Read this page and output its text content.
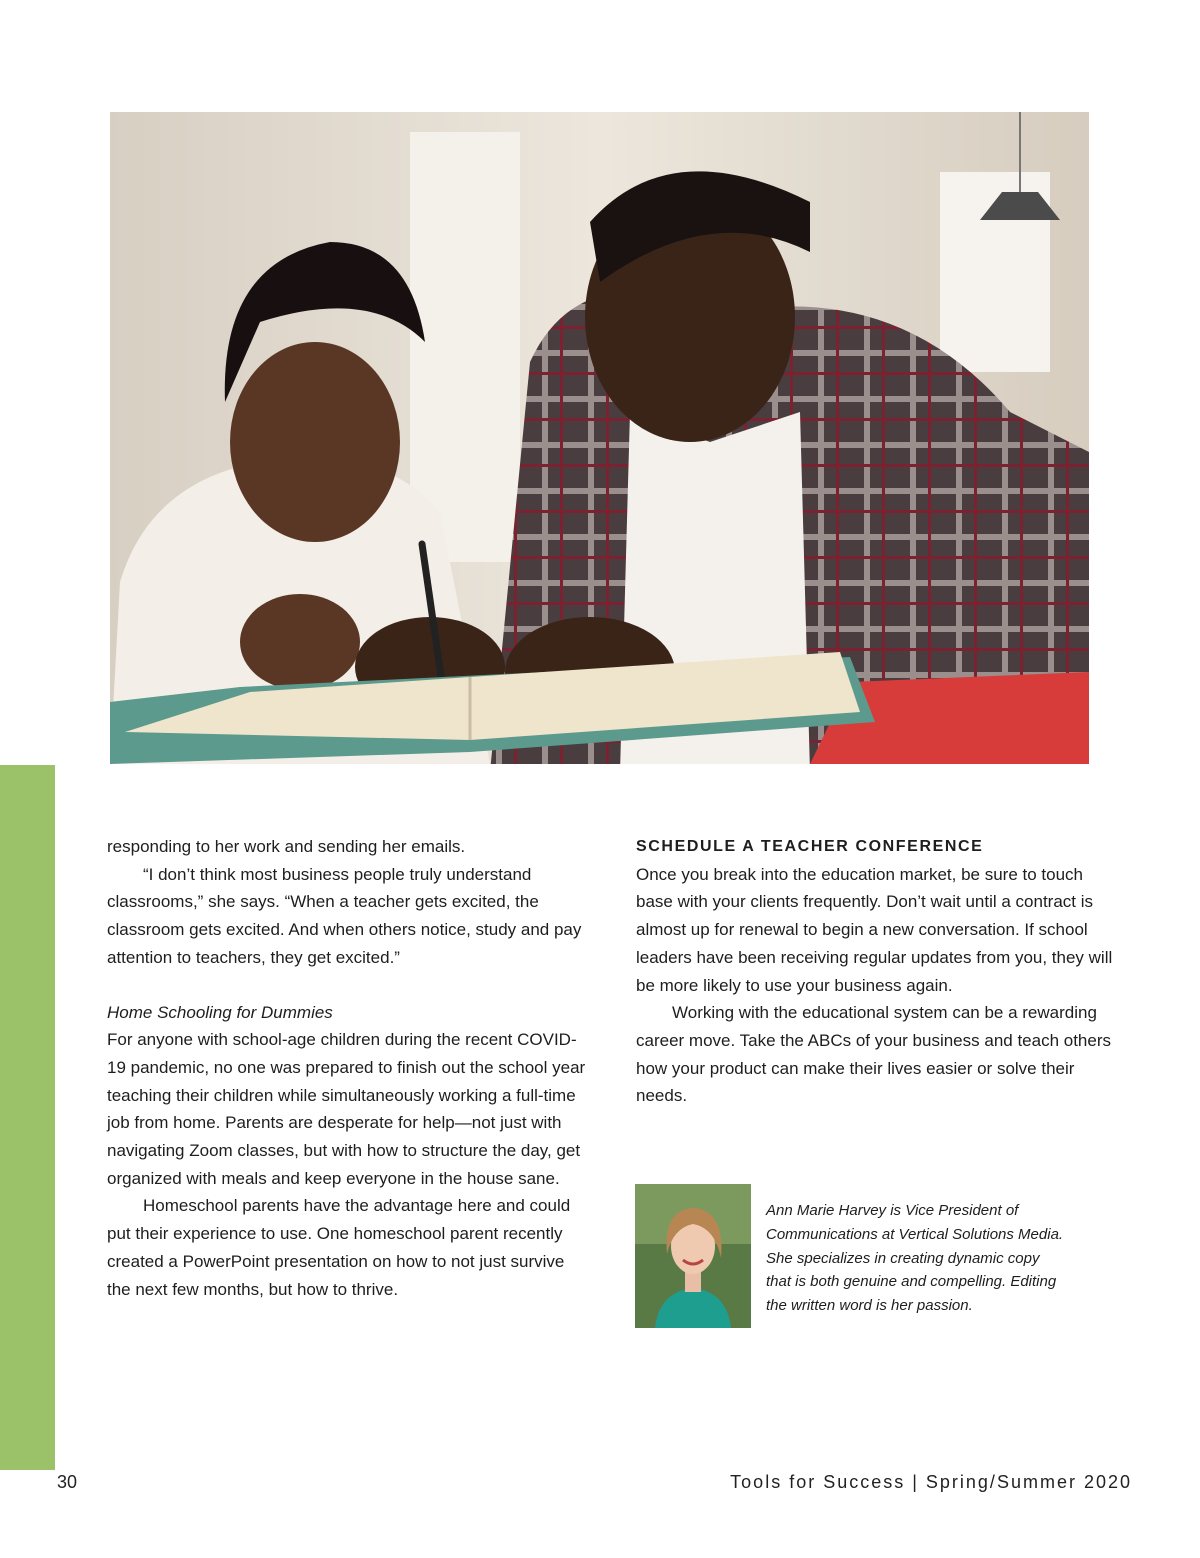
responding to her work and sending her emails.

“I don’t think most business people truly understand classrooms,” she says. “When a teacher gets excited, the classroom gets excited. And when others notice, study and pay attention to teachers, they get excited.”

Home Schooling for Dummies

For anyone with school-age children during the recent COVID-19 pandemic, no one was prepared to finish out the school year teaching their children while simultaneously working a full-time job from home. Parents are desperate for help—not just with navigating Zoom classes, but with how to structure the day, get organized with meals and keep everyone in the house sane.

Homeschool parents have the advantage here and could put their experience to use. One homeschool parent recently created a PowerPoint presentation on how to not just survive the next few months, but how to thrive.

SCHEDULE A TEACHER CONFERENCE

Once you break into the education market, be sure to touch base with your clients frequently. Don’t wait until a contract is almost up for renewal to begin a new conversation. If school leaders have been receiving regular updates from you, they will be more likely to use your business again.

Working with the educational system can be a rewarding career move. Take the ABCs of your business and teach others how your product can make their lives easier or solve their needs.

Ann Marie Harvey is Vice President of Communications at Vertical Solutions Media. She specializes in creating dynamic copy that is both genuine and compelling. Editing the written word is her passion.

30	Tools for Success | Spring/Summer 2020
